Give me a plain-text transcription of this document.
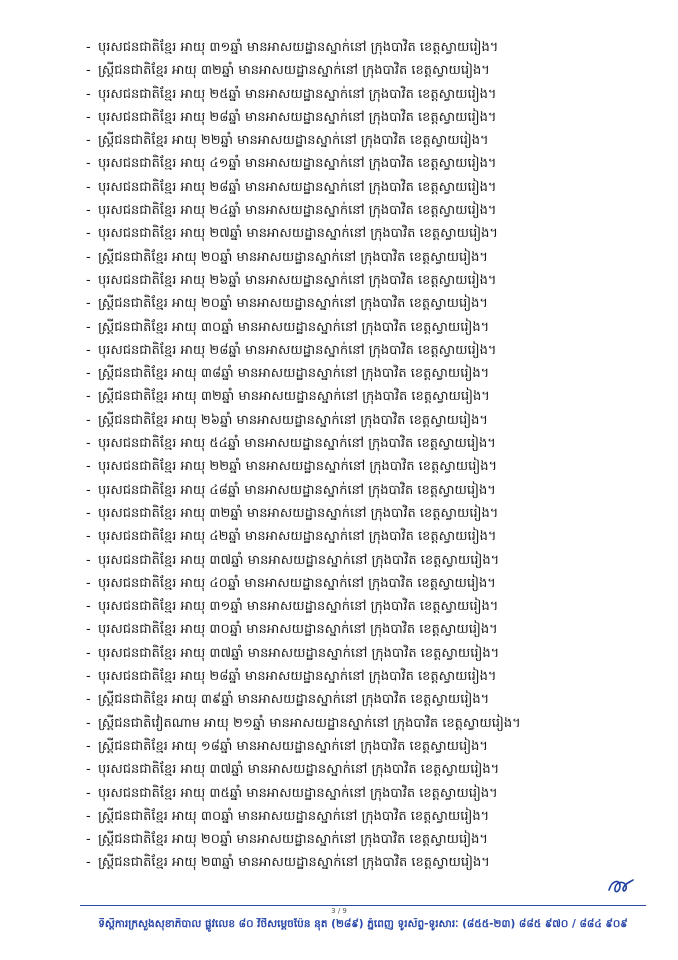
- បុរសជនជាតិខ្មែរ អាយុ ៣១ឆ្នាំ មានអាសយដ្ឋានស្នាក់នៅ ក្រុងបាវិត ខេត្តស្វាយរៀង។
- ស្ត្រីជនជាតិខ្មែរ អាយុ ៣២ឆ្នាំ មានអាសយដ្ឋានស្នាក់នៅ ក្រុងបាវិត ខេត្តស្វាយរៀង។
- បុរសជនជាតិខ្មែរ អាយុ ២៥ឆ្នាំ មានអាសយដ្ឋានស្នាក់នៅ ក្រុងបាវិត ខេត្តស្វាយរៀង។
- បុរសជនជាតិខ្មែរ អាយុ ២៨ឆ្នាំ មានអាសយដ្ឋានស្នាក់នៅ ក្រុងបាវិត ខេត្តស្វាយរៀង។
- ស្ត្រីជនជាតិខ្មែរ អាយុ ២២ឆ្នាំ មានអាសយដ្ឋានស្នាក់នៅ ក្រុងបាវិត ខេត្តស្វាយរៀង។
- បុរសជនជាតិខ្មែរ អាយុ ៤១ឆ្នាំ មានអាសយដ្ឋានស្នាក់នៅ ក្រុងបាវិត ខេត្តស្វាយរៀង។
- បុរសជនជាតិខ្មែរ អាយុ ២៨ឆ្នាំ មានអាសយដ្ឋានស្នាក់នៅ ក្រុងបាវិត ខេត្តស្វាយរៀង។
- បុរសជនជាតិខ្មែរ អាយុ ២៤ឆ្នាំ មានអាសយដ្ឋានស្នាក់នៅ ក្រុងបាវិត ខេត្តស្វាយរៀង។
- បុរសជនជាតិខ្មែរ អាយុ ២៧ឆ្នាំ មានអាសយដ្ឋានស្នាក់នៅ ក្រុងបាវិត ខេត្តស្វាយរៀង។
- ស្ត្រីជនជាតិខ្មែរ អាយុ ២០ឆ្នាំ មានអាសយដ្ឋានស្នាក់នៅ ក្រុងបាវិត ខេត្តស្វាយរៀង។
- បុរសជនជាតិខ្មែរ អាយុ ២៦ឆ្នាំ មានអាសយដ្ឋានស្នាក់នៅ ក្រុងបាវិត ខេត្តស្វាយរៀង។
- ស្ត្រីជនជាតិខ្មែរ អាយុ ២០ឆ្នាំ មានអាសយដ្ឋានស្នាក់នៅ ក្រុងបាវិត ខេត្តស្វាយរៀង។
- ស្ត្រីជនជាតិខ្មែរ អាយុ ៣០ឆ្នាំ មានអាសយដ្ឋានស្នាក់នៅ ក្រុងបាវិត ខេត្តស្វាយរៀង។
- បុរសជនជាតិខ្មែរ អាយុ ២៨ឆ្នាំ មានអាសយដ្ឋានស្នាក់នៅ ក្រុងបាវិត ខេត្តស្វាយរៀង។
- ស្ត្រីជនជាតិខ្មែរ អាយុ ៣៨ឆ្នាំ មានអាសយដ្ឋានស្នាក់នៅ ក្រុងបាវិត ខេត្តស្វាយរៀង។
- ស្ត្រីជនជាតិខ្មែរ អាយុ ៣២ឆ្នាំ មានអាសយដ្ឋានស្នាក់នៅ ក្រុងបាវិត ខេត្តស្វាយរៀង។
- ស្ត្រីជនជាតិខ្មែរ អាយុ ២៦ឆ្នាំ មានអាសយដ្ឋានស្នាក់នៅ ក្រុងបាវិត ខេត្តស្វាយរៀង។
- បុរសជនជាតិខ្មែរ អាយុ ៥៤ឆ្នាំ មានអាសយដ្ឋានស្នាក់នៅ ក្រុងបាវិត ខេត្តស្វាយរៀង។
- បុរសជនជាតិខ្មែរ អាយុ ២២ឆ្នាំ មានអាសយដ្ឋានស្នាក់នៅ ក្រុងបាវិត ខេត្តស្វាយរៀង។
- បុរសជនជាតិខ្មែរ អាយុ ៤៨ឆ្នាំ មានអាសយដ្ឋានស្នាក់នៅ ក្រុងបាវិត ខេត្តស្វាយរៀង។
- បុរសជនជាតិខ្មែរ អាយុ ៣២ឆ្នាំ មានអាសយដ្ឋានស្នាក់នៅ ក្រុងបាវិត ខេត្តស្វាយរៀង។
- បុរសជនជាតិខ្មែរ អាយុ ៤២ឆ្នាំ មានអាសយដ្ឋានស្នាក់នៅ ក្រុងបាវិត ខេត្តស្វាយរៀង។
- បុរសជនជាតិខ្មែរ អាយុ ៣៧ឆ្នាំ មានអាសយដ្ឋានស្នាក់នៅ ក្រុងបាវិត ខេត្តស្វាយរៀង។
- បុរសជនជាតិខ្មែរ អាយុ ៤០ឆ្នាំ មានអាសយដ្ឋានស្នាក់នៅ ក្រុងបាវិត ខេត្តស្វាយរៀង។
- បុរសជនជាតិខ្មែរ អាយុ ៣១ឆ្នាំ មានអាសយដ្ឋានស្នាក់នៅ ក្រុងបាវិត ខេត្តស្វាយរៀង។
- បុរសជនជាតិខ្មែរ អាយុ ៣០ឆ្នាំ មានអាសយដ្ឋានស្នាក់នៅ ក្រុងបាវិត ខេត្តស្វាយរៀង។
- បុរសជនជាតិខ្មែរ អាយុ ៣៧ឆ្នាំ មានអាសយដ្ឋានស្នាក់នៅ ក្រុងបាវិត ខេត្តស្វាយរៀង។
- បុរសជនជាតិខ្មែរ អាយុ ២៨ឆ្នាំ មានអាសយដ្ឋានស្នាក់នៅ ក្រុងបាវិត ខេត្តស្វាយរៀង។
- ស្ត្រីជនជាតិខ្មែរ អាយុ ៣៩ឆ្នាំ មានអាសយដ្ឋានស្នាក់នៅ ក្រុងបាវិត ខេត្តស្វាយរៀង។
- ស្ត្រីជនជាតិវៀតណាម អាយុ ២១ឆ្នាំ មានអាសយដ្ឋានស្នាក់នៅ ក្រុងបាវិត ខេត្តស្វាយរៀង។
- ស្ត្រីជនជាតិខ្មែរ អាយុ ១៨ឆ្នាំ មានអាសយដ្ឋានស្នាក់នៅ ក្រុងបាវិត ខេត្តស្វាយរៀង។
- បុរសជនជាតិខ្មែរ អាយុ ៣៧ឆ្នាំ មានអាសយដ្ឋានស្នាក់នៅ ក្រុងបាវិត ខេត្តស្វាយរៀង។
- បុរសជនជាតិខ្មែរ អាយុ ៣៥ឆ្នាំ មានអាសយដ្ឋានស្នាក់នៅ ក្រុងបាវិត ខេត្តស្វាយរៀង។
- ស្ត្រីជនជាតិខ្មែរ អាយុ ៣០ឆ្នាំ មានអាសយដ្ឋានស្នាក់នៅ ក្រុងបាវិត ខេត្តស្វាយរៀង។
- ស្ត្រីជនជាតិខ្មែរ អាយុ ២០ឆ្នាំ មានអាសយដ្ឋានស្នាក់នៅ ក្រុងបាវិត ខេត្តស្វាយរៀង។
- ស្ត្រីជនជាតិខ្មែរ អាយុ ២៣ឆ្នាំ មានអាសយដ្ឋានស្នាក់នៅ ក្រុងបាវិត ខេត្តស្វាយរៀង។
3 / 9
ទីស្តីការក្រសួងសុខាភិបាល ផ្លូវលេខ ៨០ វិថីសម្តេចប៉ែន នុត (២៨៩) ភ្នំពេញ ទូរស័ព្ទ-ទូរសារៈ (៨៥៥-២៣) ៨៨៥ ៩៧០ / ៨៨៤ ៩០៩
